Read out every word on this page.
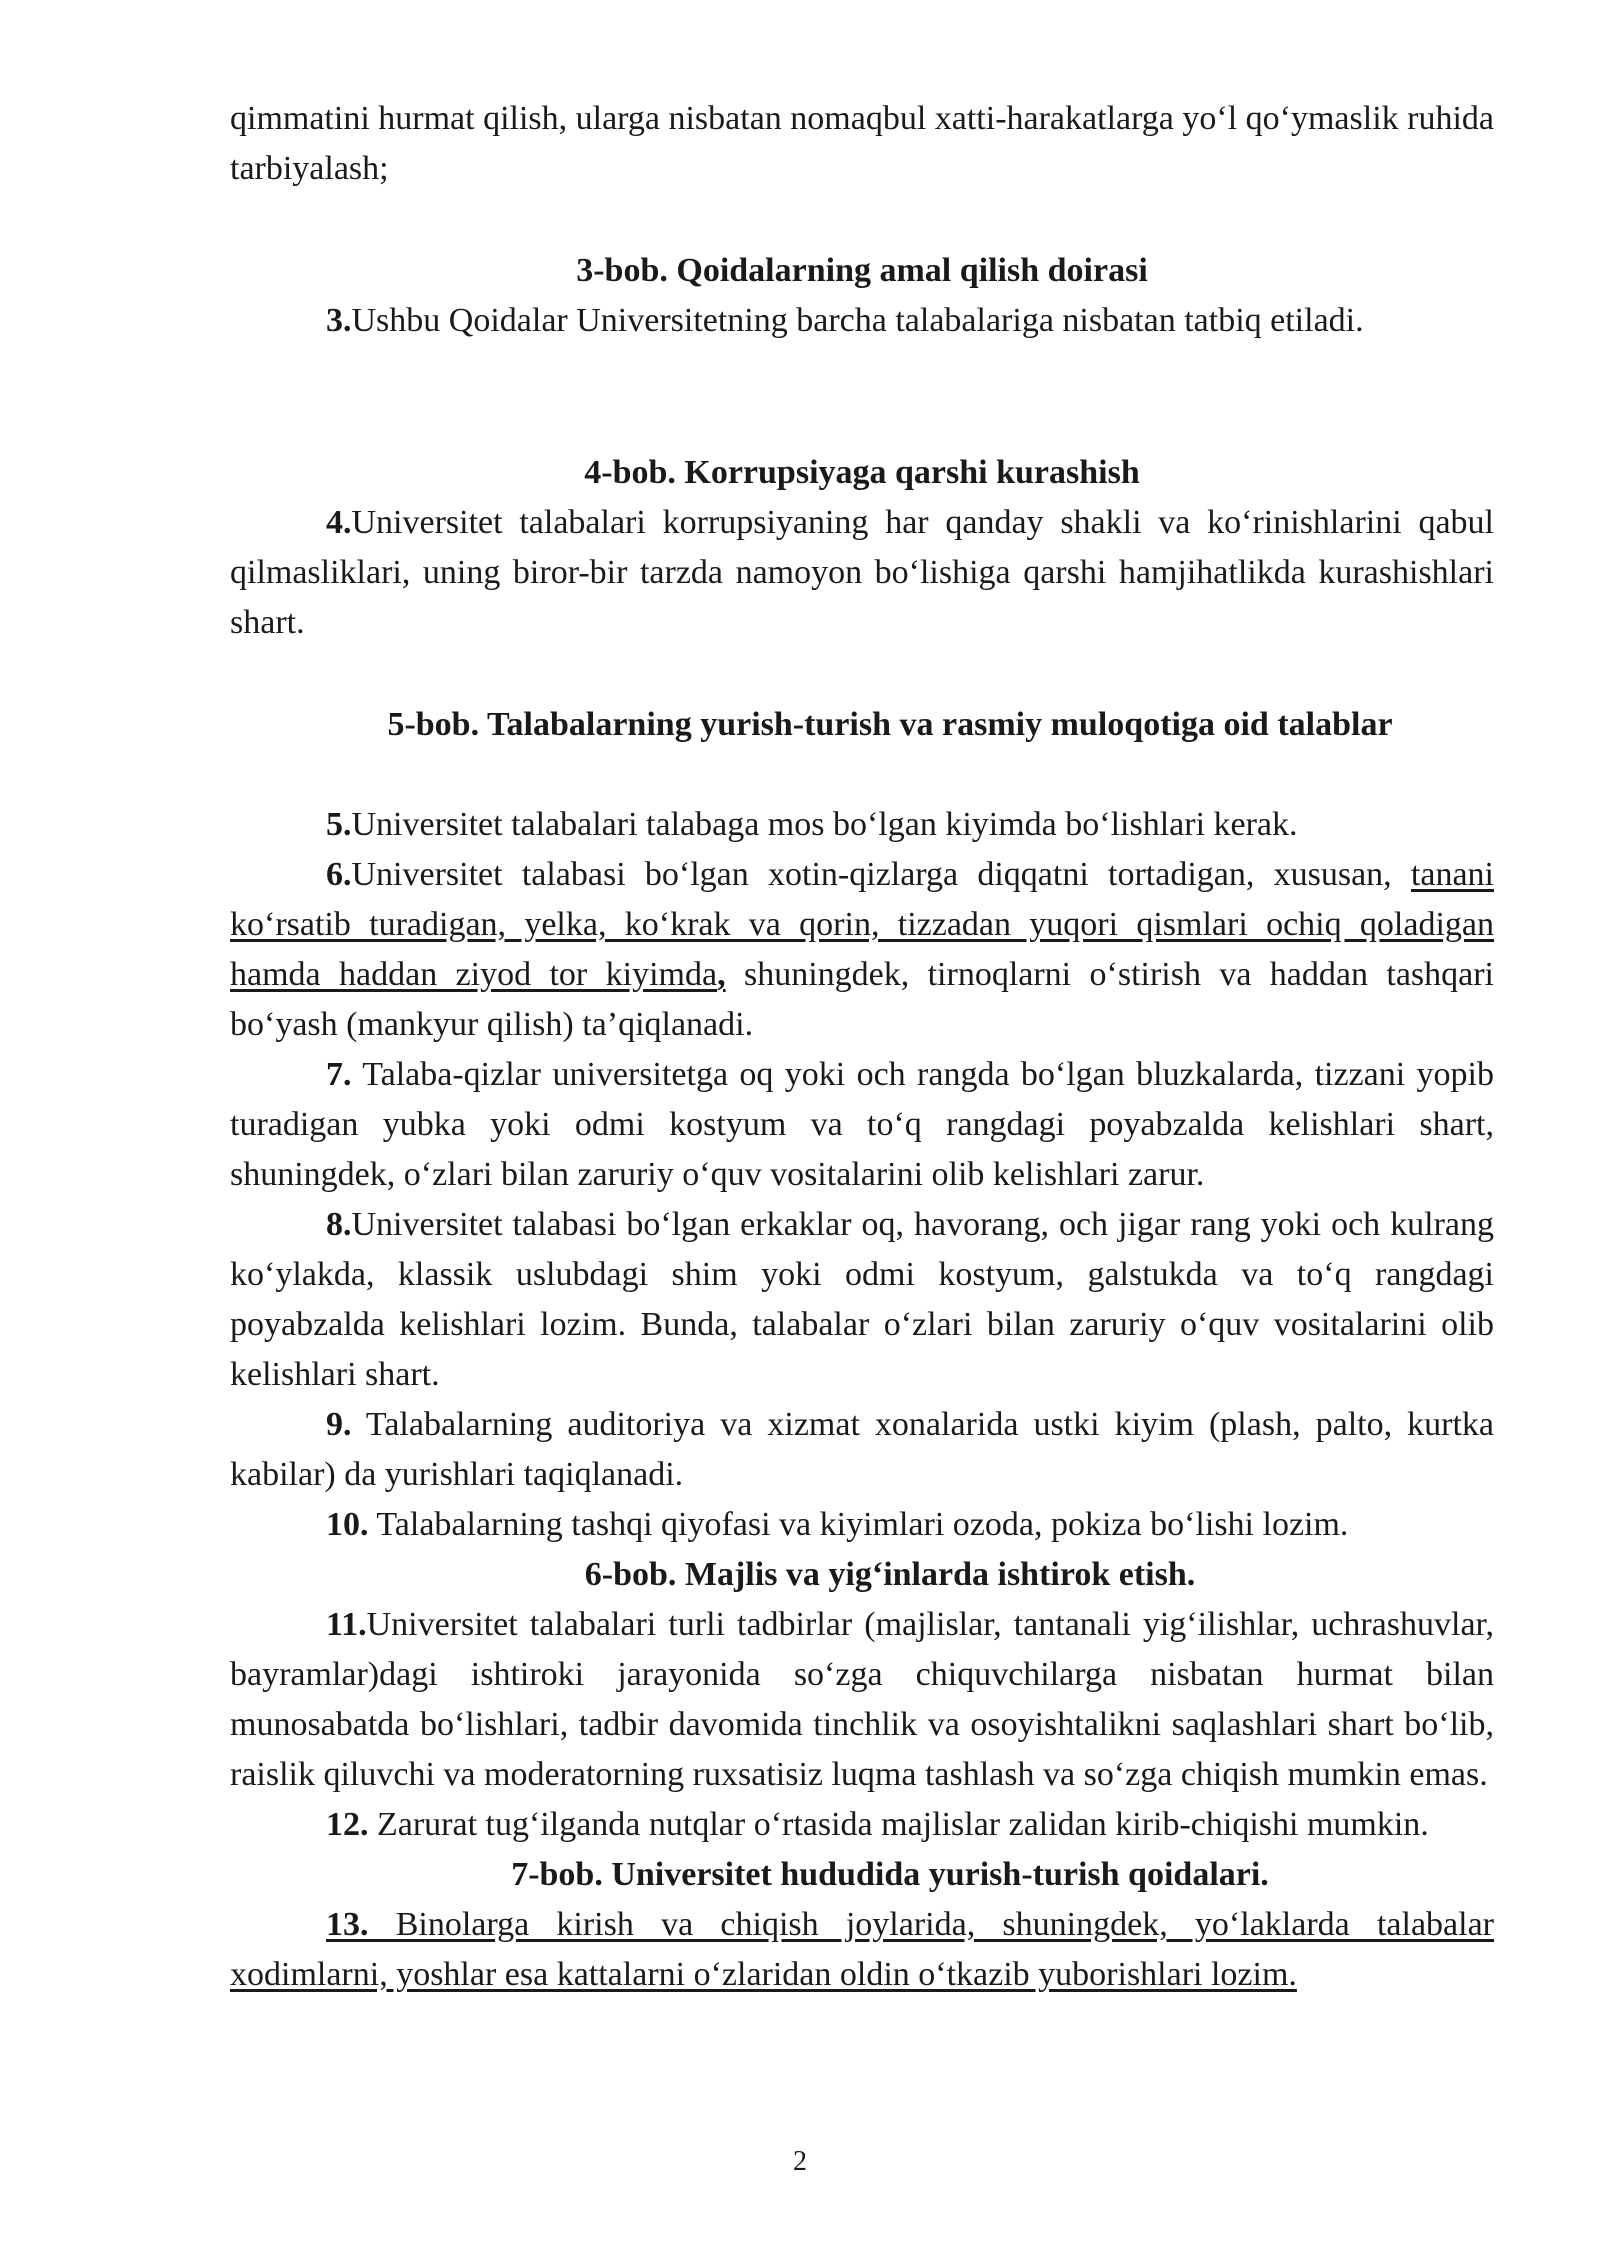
qimmatini hurmat qilish, ularga nisbatan nomaqbul xatti-harakatlarga yo‘l qo‘ymaslik ruhida tarbiyalash;

3-bob. Qoidalarning amal qilish doirasi

3.Ushbu Qoidalar Universitetning barcha talabalariga nisbatan tatbiq etiladi.

4-bob. Korrupsiyaga qarshi kurashish

4.Universitet talabalari korrupsiyaning har qanday shakli va ko‘rinishlarini qabul qilmasliklari, uning biror-bir tarzda namoyon bo‘lishiga qarshi hamjihatlikda kurashishlari shart.

5-bob. Talabalarning yurish-turish va rasmiy muloqotiga oid talablar

5.Universitet talabalari talabaga mos bo‘lgan kiyimda bo‘lishlari kerak.

6.Universitet talabasi bo‘lgan xotin-qizlarga diqqatni tortadigan, xususan, tanani ko‘rsatib turadigan, yelka, ko‘krak va qorin, tizzadan yuqori qismlari ochiq qoladigan hamda haddan ziyod tor kiyimda, shuningdek, tirnoqlarni o‘stirish va haddan tashqari bo‘yash (mankyur qilish) ta’qiqlanadi.

7. Talaba-qizlar universitetga oq yoki och rangda bo‘lgan bluzkalarda, tizzani yopib turadigan yubka yoki odmi kostyum va to‘q rangdagi poyabzalda kelishlari shart, shuningdek, o‘zlari bilan zaruriy o‘quv vositalarini olib kelishlari zarur.

8.Universitet talabasi bo‘lgan erkaklar oq, havorang, och jigar rang yoki och kulrang ko‘ylakda, klassik uslubdagi shim yoki odmi kostyum, galstukda va to‘q rangdagi poyabzalda kelishlari lozim. Bunda, talabalar o‘zlari bilan zaruriy o‘quv vositalarini olib kelishlari shart.

9. Talabalarning auditoriya va xizmat xonalarida ustki kiyim (plash, palto, kurtka kabilar) da yurishlari taqiqlanadi.

10. Talabalarning tashqi qiyofasi va kiyimlari ozoda, pokiza bo‘lishi lozim.

6-bob. Majlis va yig‘inlarda ishtirok etish.

11.Universitet talabalari turli tadbirlar (majlislar, tantanali yig‘ilishlar, uchrashuvlar, bayramlar)dagi ishtiroki jarayonida so‘zga chiquvchilarga nisbatan hurmat bilan munosabatda bo‘lishlari, tadbir davomida tinchlik va osoyishtalikni saqlashlari shart bo‘lib, raislik qiluvchi va moderatorning ruxsatisiz luqma tashlash va so‘zga chiqish mumkin emas.

12. Zarurat tug‘ilganda nutqlar o‘rtasida majlislar zalidan kirib-chiqishi mumkin.

7-bob. Universitet hududida yurish-turish qoidalari.

13. Binolarga kirish va chiqish joylarida, shuningdek, yo‘laklarda talabalar xodimlarni, yoshlar esa kattalarni o‘zlaridan oldin o‘tkazib yuborishlari lozim.

2
